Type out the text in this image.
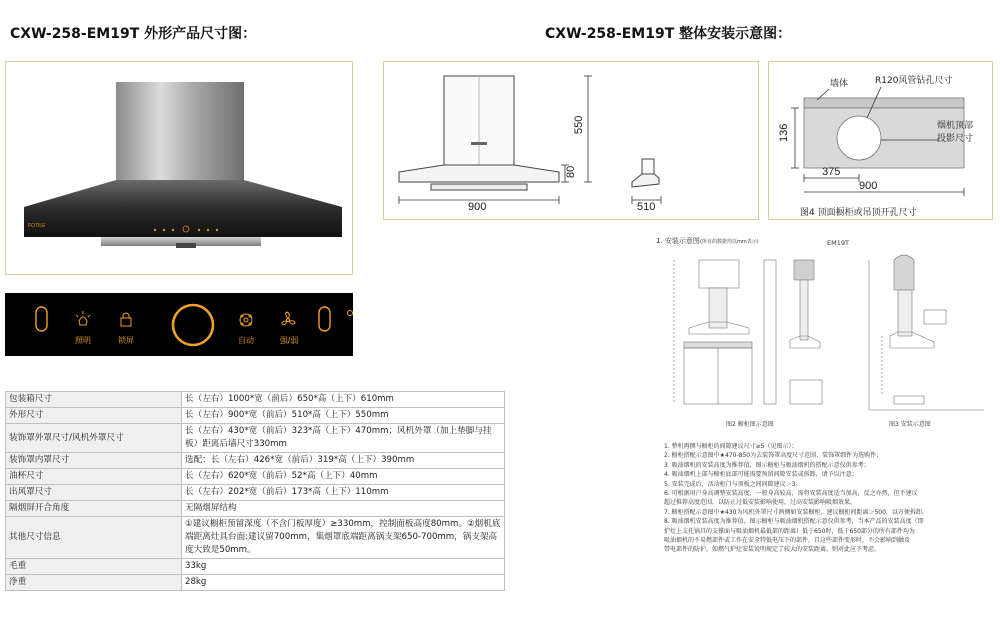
CXW-258-EM19T 外形产品尺寸图：	CXW-258-EM19T 整体安装示意图：
FOTILE
照明	锁屏	自动	强/弱
包装箱尺寸	长（左右）1000*宽（前后）650*高（上下）610mm
外形尺寸	长（左右）900*宽（前后）510*高（上下）550mm
装饰罩外罩尺寸/风机外罩尺寸	长（左右）430*宽（前后）323*高（上下）470mm；风机外罩（加上垫脚与挂板）距离后墙尺寸330mm
装饰罩内罩尺寸	选配：长（左右）426*宽（前后）319*高（上下）390mm
油杯尺寸	长（左右）620*宽（前后）52*高（上下）40mm
出风罩尺寸	长（左右）202*宽（前后）173*高（上下）110mm
隔烟屏开合角度	无隔烟屏结构
其他尺寸信息	①建议橱柜预留深度（不含门板厚度）≥330mm，控制面板高度80mm。②烟机底端距离灶具台面:建议留700mm，集烟罩底端距离锅支架650-700mm，锅支架高度大致是50mm。
毛重	33kg
净重	28kg
900	510
550
80
墙体	R120风管钻孔尺寸
烟机顶部
投影尺寸
136
375
900
图4 顶面橱柜或吊顶开孔尺寸
1. 安装示意图 (所有的数据均以mm表示)	EM19T
图2 橱柜图示意图	图3 安装示意图
1. 整机再侧与橱柜的间隙建议尺寸≥5（见图示）；
2. 橱柜搭配示意图中★470-850为去装饰罩高度尺寸范围，装饰罩细件为选购件；
3. 吸油烟机的安装高度为推荐值，图示橱柜与吸油烟机的搭配示意仅供参考；
4. 吸油烟机上部与橱柜底部可能需要预留间隙安装或拆卸，请予以注意；
5. 安装完成后，活动柜门与顶板之间间隙建议＞3。
6. 可根据用户身高调整安装高度，一般身高较高，需将安装高度适当加高，反之亦然，但不建议
超过推荐高度范围，以防止过低安装影响使用，过高安装影响吸烟效果。
7. 橱柜搭配示意图中★430为风机外罩尺寸两侧如安装橱柜，建议橱柜间距离＞500，以方便拆卸。
8. 吸油烟机安装高度为推荐值，图示橱柜与吸油烟机搭配示意仅供参考，当本产品的安装高度（即
炉灶上支托锅具的支撑面与吸油烟机最低部的距离）低于650时，低于650部分的所有部件均为
吸油烟机的不易燃部件或工作在安全特低电压下的部件，且这些部件变形时，不会影响到触及
带电部件的防护。如燃气炉灶安装说明规定了较大的安装距离，则对此应予考虑。
